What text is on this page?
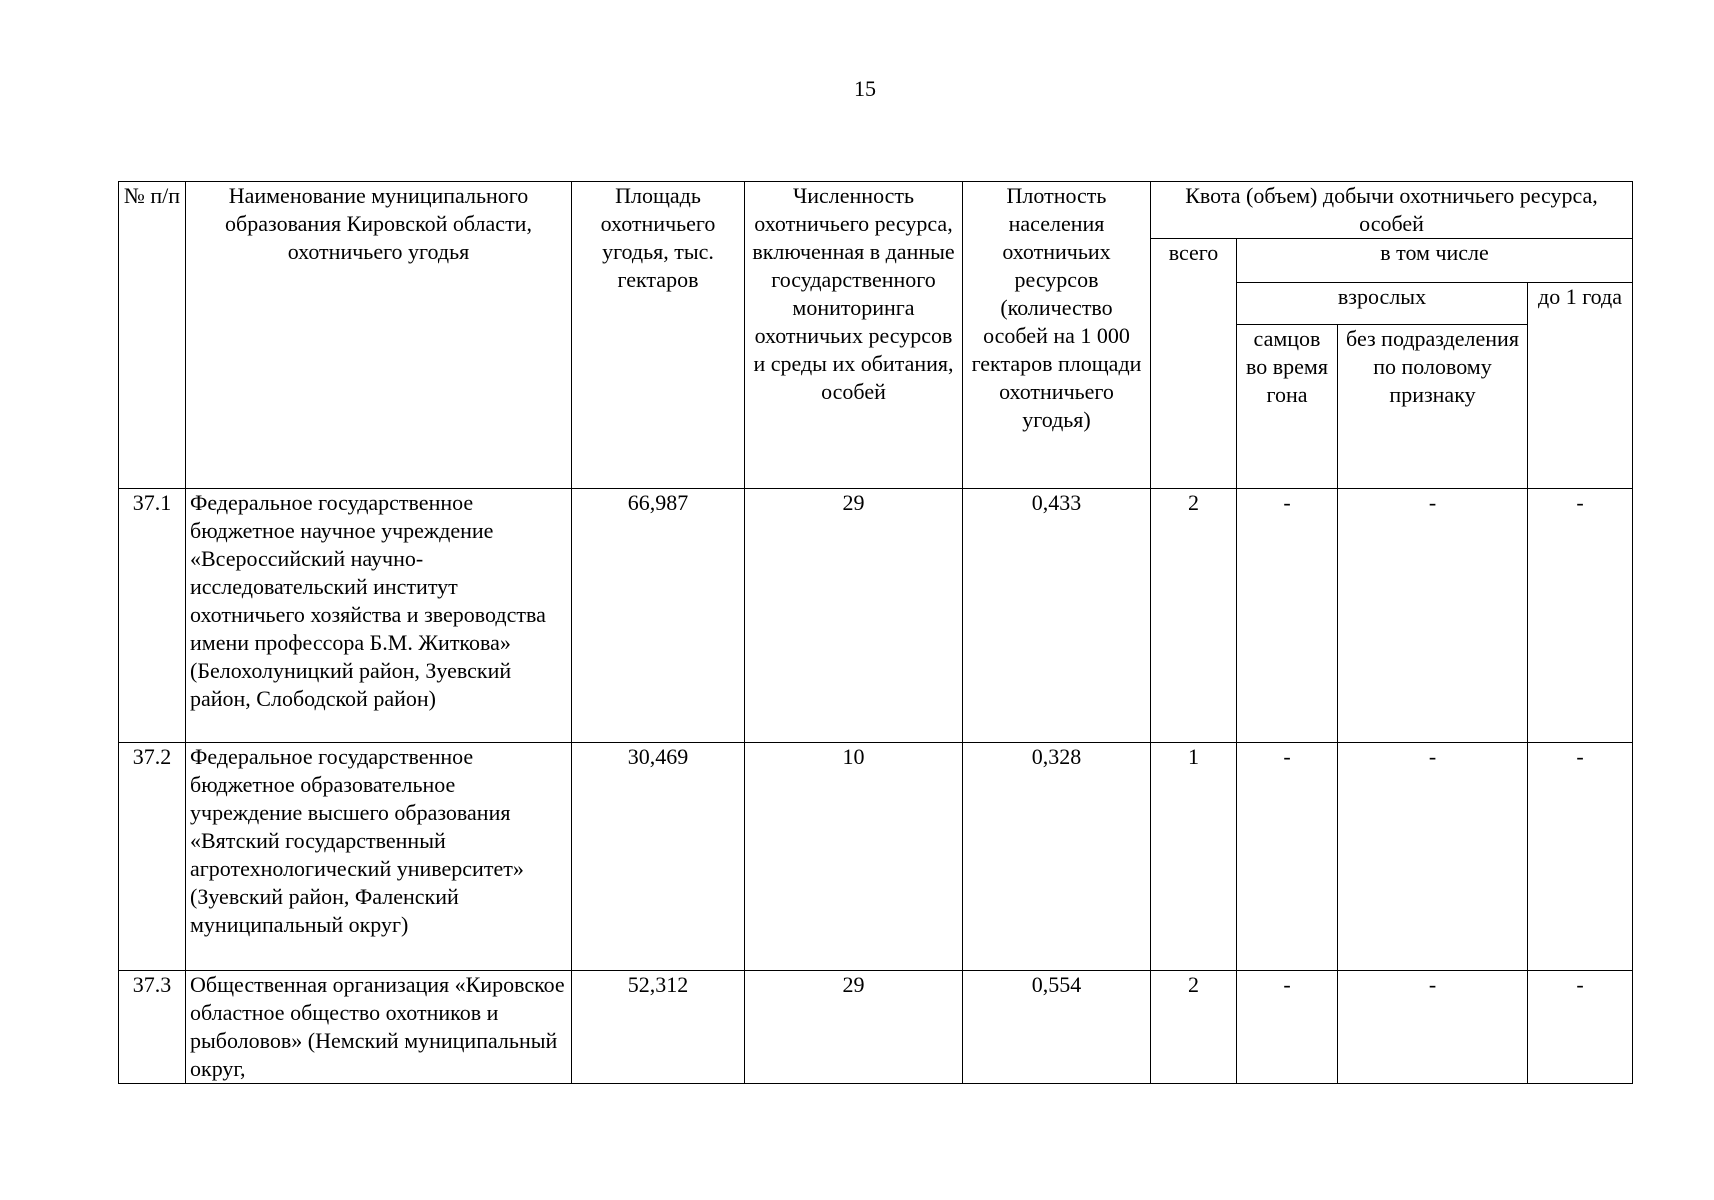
15
№ п/п	Наименование муниципального образования Кировской области, охотничьего угодья	Площадь охотничьего угодья, тыс. гектаров	Численность охотничьего ресурса, включенная в данные государственного мониторинга охотничьих ресурсов и среды их обитания, особей	Плотность населения охотничьих ресурсов (количество особей на 1 000 гектаров площади охотничьего угодья)	Квота (объем) добычи охотничьего ресурса, особей			
					всего	в том числе		
						взрослых		до 1 года
						самцов во время гона	без подразделения по половому признаку	
37.1	Федеральное государственное бюджетное научное учреждение «Всероссийский научно-исследовательский институт охотничьего хозяйства и звероводства имени профессора Б.М. Житкова» (Белохолуницкий район, Зуевский район, Слободской район)	66,987	29	0,433	2	-	-	-
37.2	Федеральное государственное бюджетное образовательное учреждение высшего образования «Вятский государственный агротехнологический университет» (Зуевский район, Фаленский муниципальный округ)	30,469	10	0,328	1	-	-	-
37.3	Общественная организация «Кировское областное общество охотников и рыболовов» (Немский муниципальный округ,	52,312	29	0,554	2	-	-	-
